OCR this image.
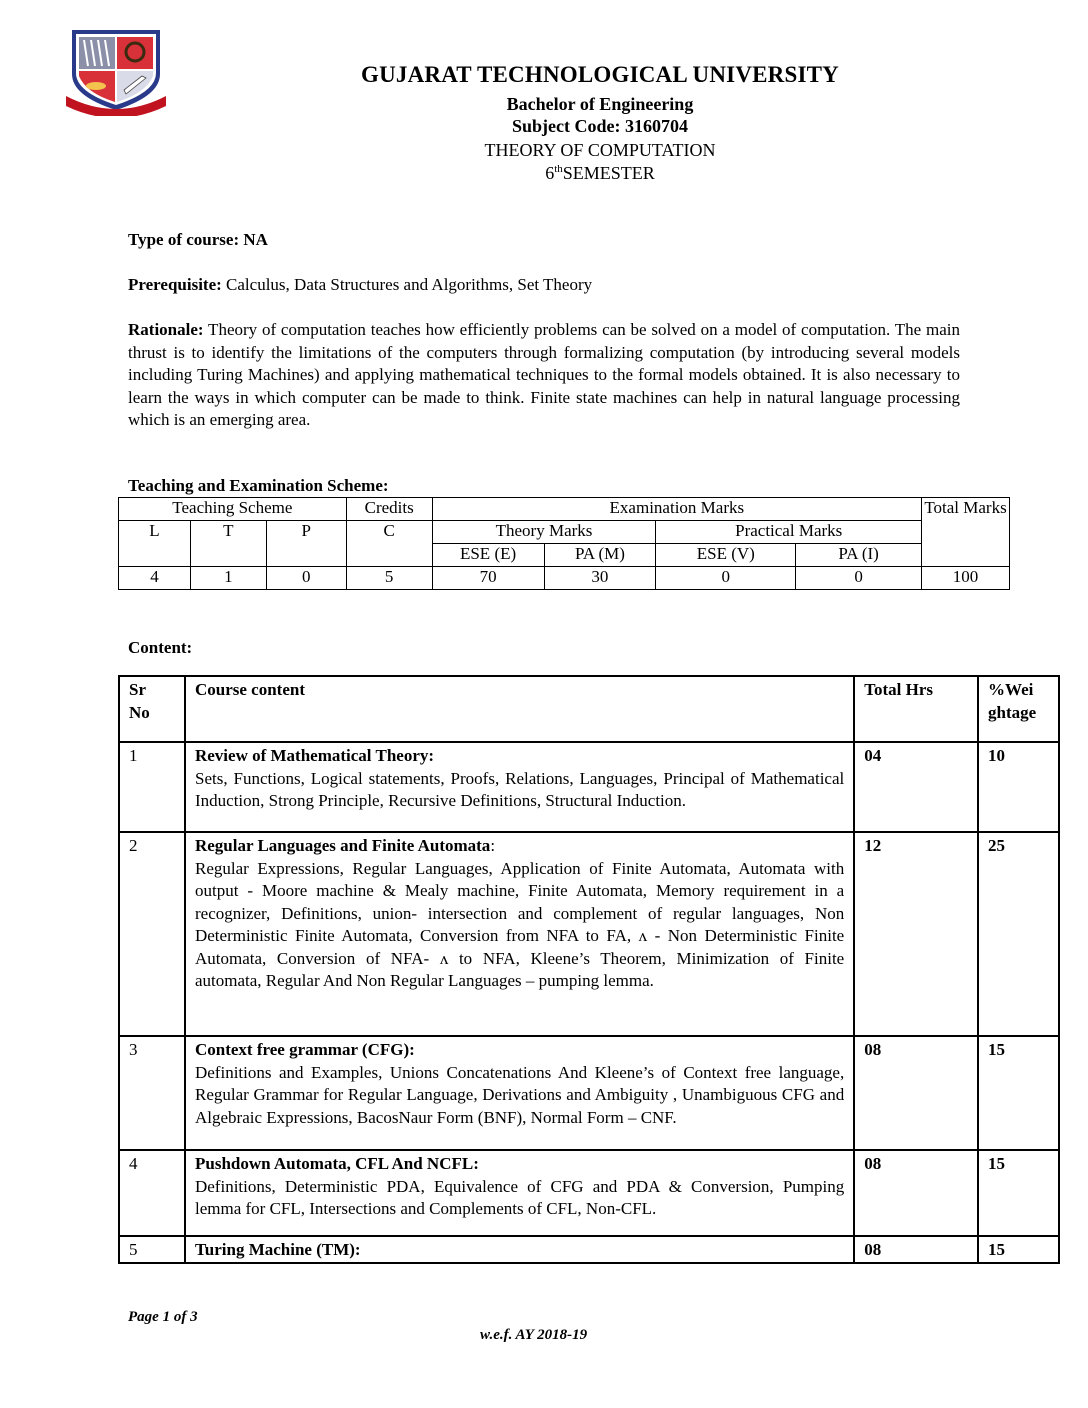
GUJARAT TECHNOLOGICAL UNIVERSITY
Bachelor of Engineering
Subject Code: 3160704
THEORY OF COMPUTATION
6thSEMESTER
Type of course: NA
Prerequisite: Calculus, Data Structures and Algorithms, Set Theory
Rationale: Theory of computation teaches how efficiently problems can be solved on a model of computation. The main thrust is to identify the limitations of the computers through formalizing computation (by introducing several models including Turing Machines) and applying mathematical techniques to the formal models obtained. It is also necessary to learn the ways in which computer can be made to think. Finite state machines can help in natural language processing which is an emerging area.
Teaching and Examination Scheme:
Teaching Scheme			Credits	Examination Marks				Total Marks
L	T	P	C	Theory Marks		Practical Marks		
				ESE (E)	PA (M)	ESE (V)	PA (I)	
4	1	0	5	70	30	0	0	100
Content:
Sr No	Course content	Total Hrs	%Wei ghtage
1	Review of Mathematical Theory:
Sets, Functions, Logical statements, Proofs, Relations, Languages, Principal of Mathematical Induction, Strong Principle, Recursive Definitions, Structural Induction.	04	10
2	Regular Languages and Finite Automata:
Regular Expressions, Regular Languages, Application of Finite Automata, Automata with output - Moore machine & Mealy machine, Finite Automata, Memory requirement in a recognizer, Definitions, union- intersection and complement of regular languages, Non Deterministic Finite Automata, Conversion from NFA to FA, ʌ - Non Deterministic Finite Automata, Conversion of NFA- ʌ to NFA, Kleene’s Theorem, Minimization of Finite automata, Regular And Non Regular Languages – pumping lemma.	12	25
3	Context free grammar (CFG):
Definitions and Examples, Unions Concatenations And Kleene’s of Context free language, Regular Grammar for Regular Language, Derivations and Ambiguity , Unambiguous CFG and Algebraic Expressions, BacosNaur Form (BNF), Normal Form – CNF.	08	15
4	Pushdown Automata, CFL And NCFL:
Definitions, Deterministic PDA, Equivalence of CFG and PDA & Conversion, Pumping lemma for CFL, Intersections and Complements of CFL, Non-CFL.	08	15
5	Turing Machine (TM):	08	15
Page 1 of 3
w.e.f. AY 2018-19
